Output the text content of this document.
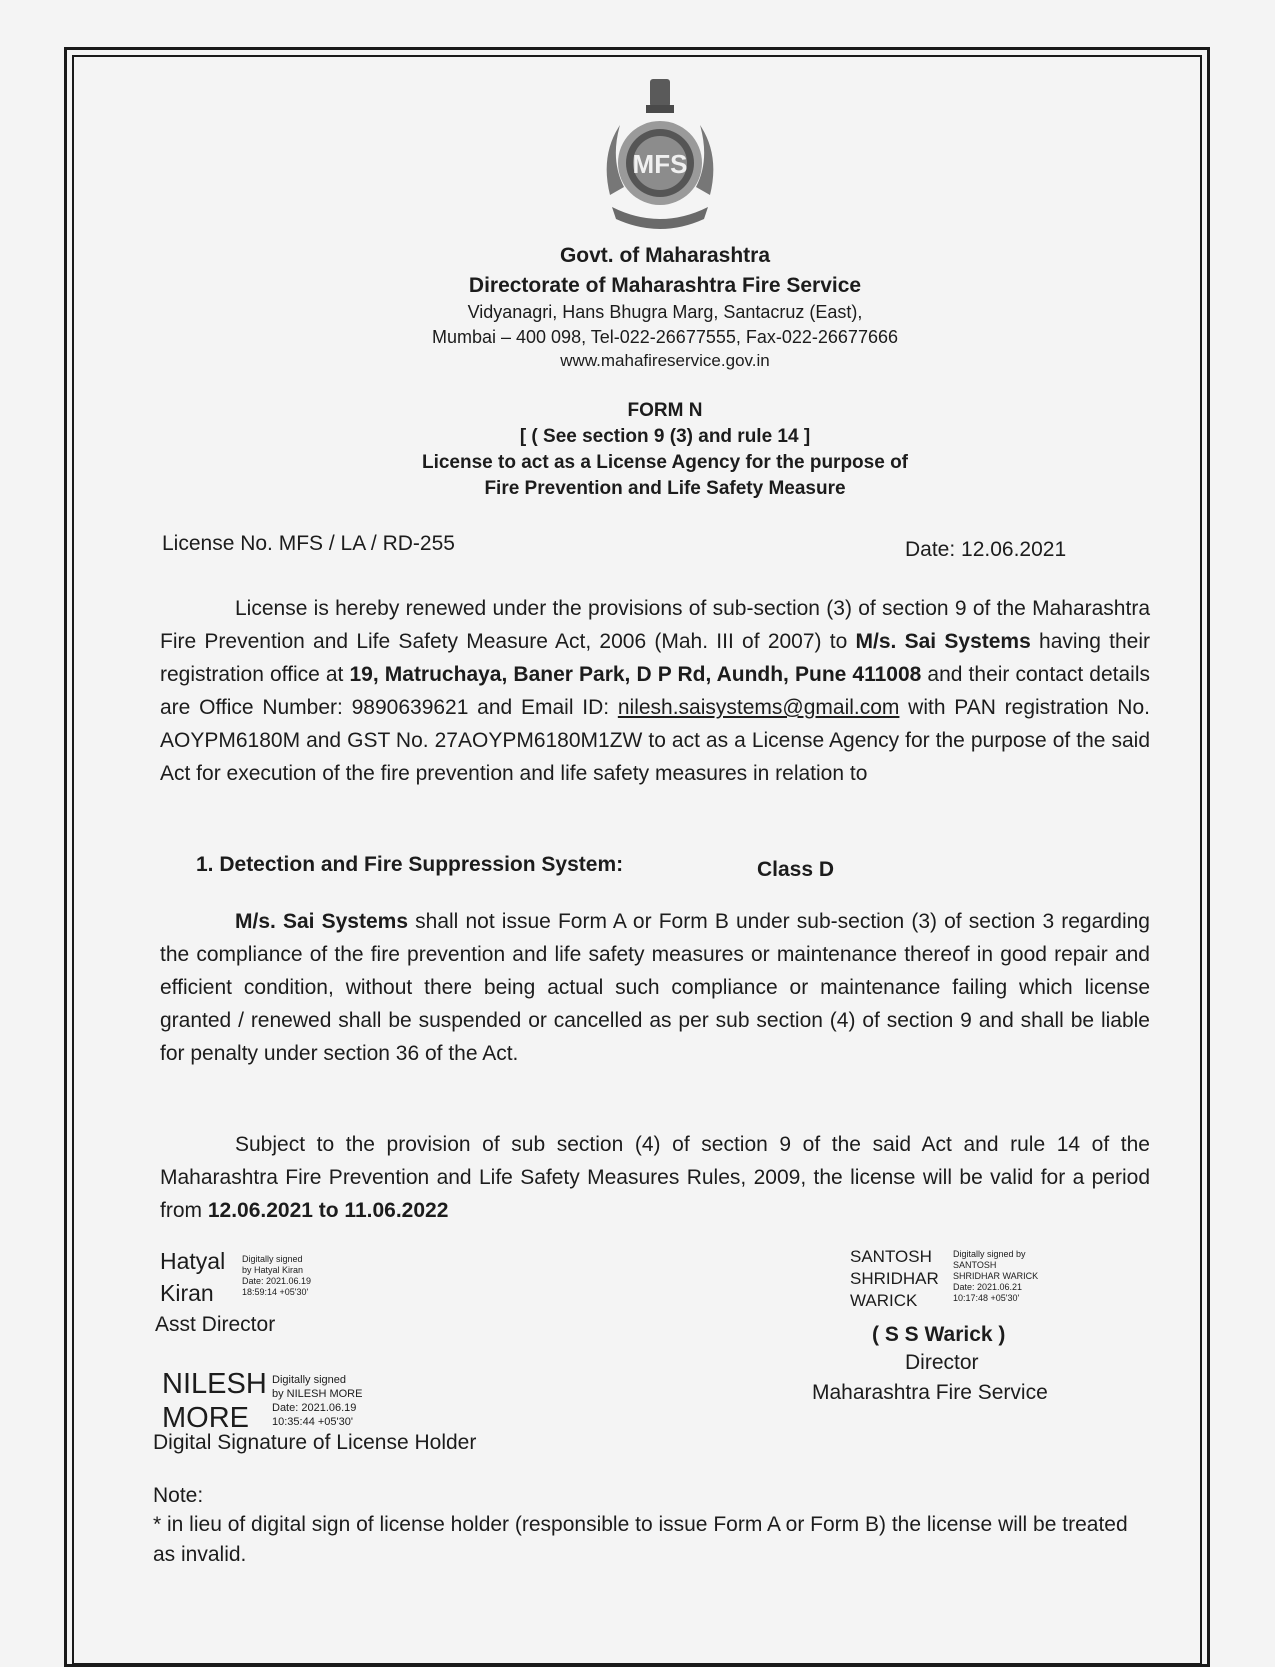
MFS
Govt. of Maharashtra
Directorate of Maharashtra Fire Service
Vidyanagri, Hans Bhugra Marg, Santacruz (East),
Mumbai – 400 098, Tel-022-26677555, Fax-022-26677666
www.mahafireservice.gov.in
FORM N
[ ( See section 9 (3) and rule 14 ]
License to act as a License Agency for the purpose of
Fire Prevention and Life Safety Measure
License No. MFS / LA / RD-255	Date: 12.06.2021
License is hereby renewed under the provisions of sub-section (3) of section 9 of the Maharashtra Fire Prevention and Life Safety Measure Act, 2006 (Mah. III of 2007) to M/s. Sai Systems having their registration office at 19, Matruchaya, Baner Park, D P Rd, Aundh, Pune 411008 and their contact details are Office Number: 9890639621 and Email ID: nilesh.saisystems@gmail.com with PAN registration No. AOYPM6180M and GST No. 27AOYPM6180M1ZW to act as a License Agency for the purpose of the said Act for execution of the fire prevention and life safety measures in relation to
1. Detection and Fire Suppression System:	Class D
M/s. Sai Systems shall not issue Form A or Form B under sub-section (3) of section 3 regarding the compliance of the fire prevention and life safety measures or maintenance thereof in good repair and efficient condition, without there being actual such compliance or maintenance failing which license granted / renewed shall be suspended or cancelled as per sub section (4) of section 9 and shall be liable for penalty under section 36 of the Act.
Subject to the provision of sub section (4) of section 9 of the said Act and rule 14 of the Maharashtra Fire Prevention and Life Safety Measures Rules, 2009, the license will be valid for a period from 12.06.2021 to 11.06.2022
Hatyal
Kiran
Digitally signed
by Hatyal Kiran
Date: 2021.06.19
18:59:14 +05'30'
Asst Director
NILESH
MORE
Digitally signed
by NILESH MORE
Date: 2021.06.19
10:35:44 +05'30'
Digital Signature of License Holder
SANTOSH
SHRIDHAR
WARICK
Digitally signed by
SANTOSH
SHRIDHAR WARICK
Date: 2021.06.21
10:17:48 +05'30'
( S S Warick )
Director
Maharashtra Fire Service
Note:
* in lieu of digital sign of license holder (responsible to issue Form A or Form B) the license will be treated as invalid.
